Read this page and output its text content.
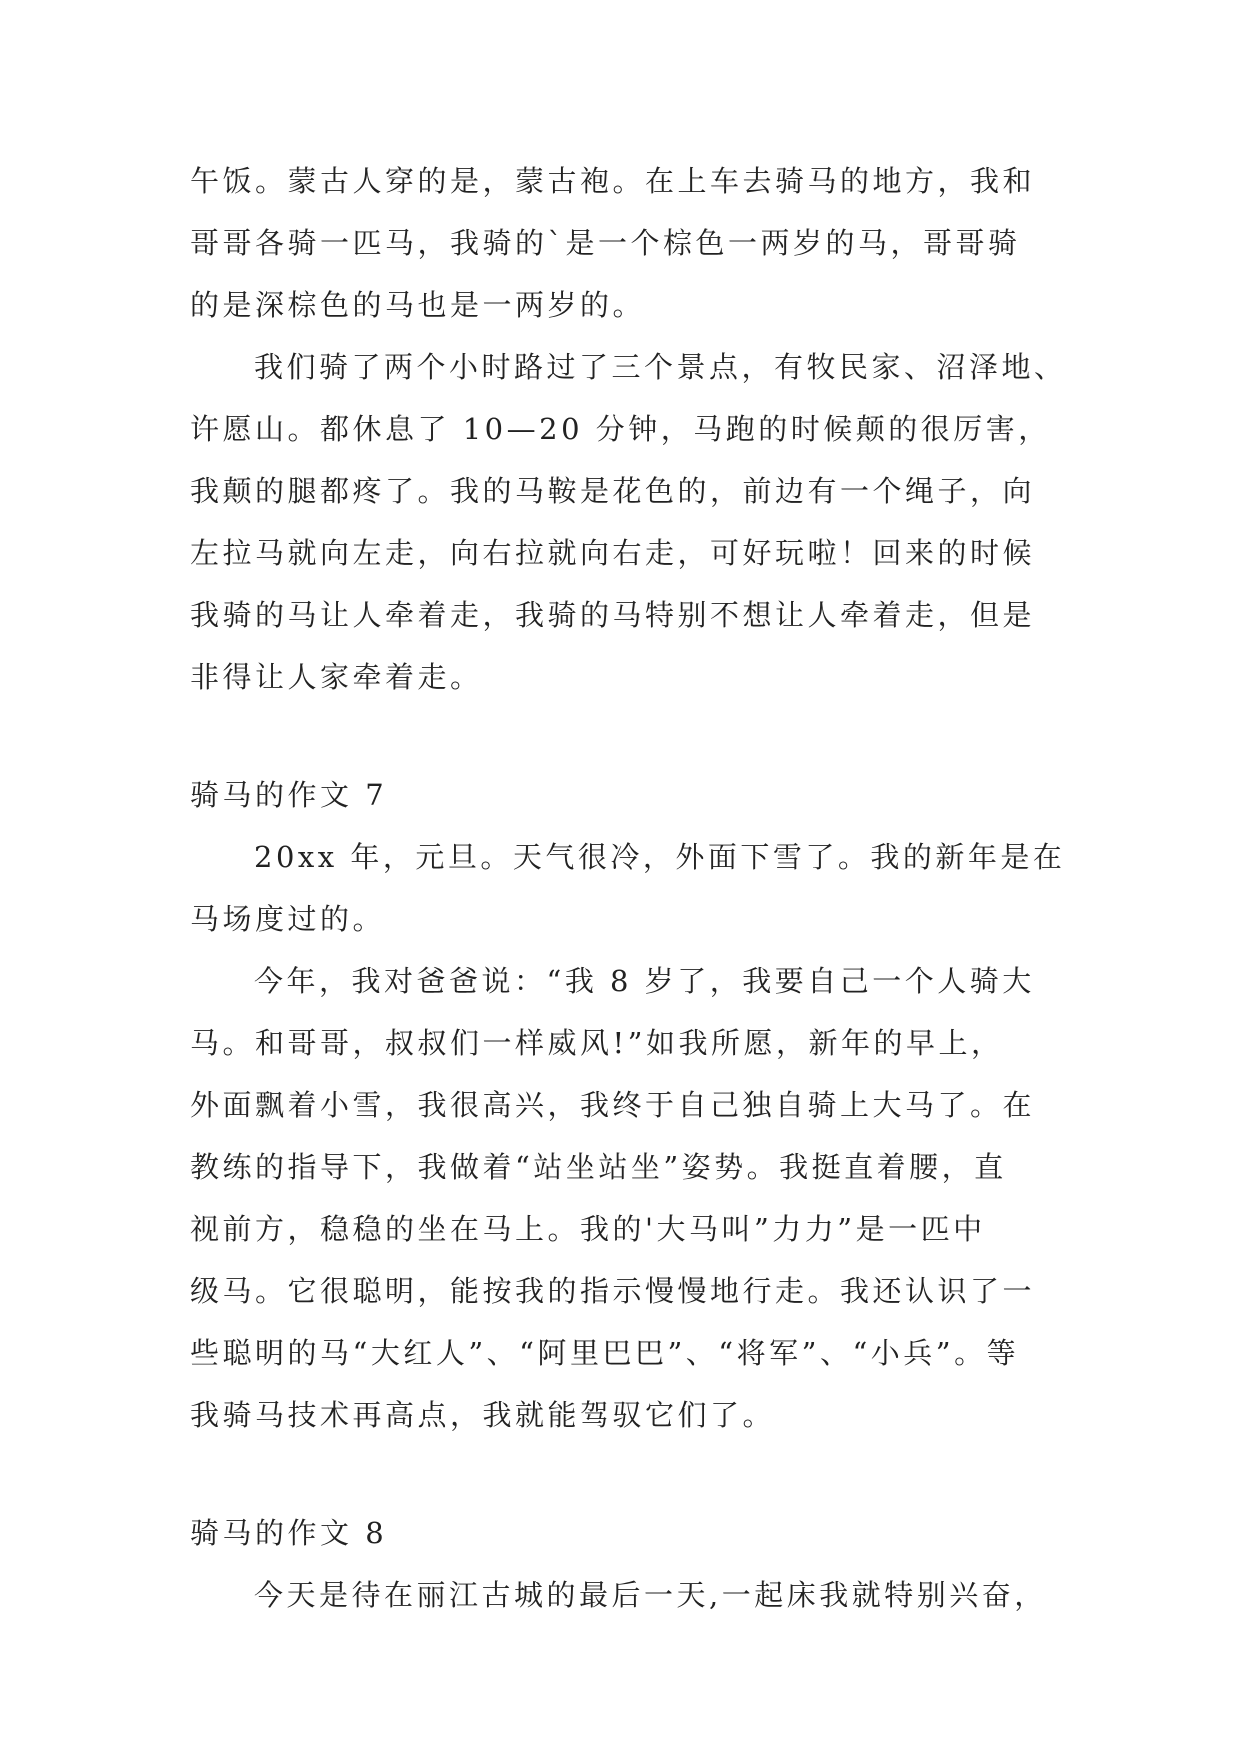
午饭。蒙古人穿的是，蒙古袍。在上车去骑马的地方，我和
哥哥各骑一匹马，我骑的`是一个棕色一两岁的马，哥哥骑
的是深棕色的马也是一两岁的。
我们骑了两个小时路过了三个景点，有牧民家、沼泽地、
许愿山。都休息了 10—20 分钟，马跑的时候颠的很厉害，
我颠的腿都疼了。我的马鞍是花色的，前边有一个绳子，向
左拉马就向左走，向右拉就向右走，可好玩啦！回来的时候
我骑的马让人牵着走，我骑的马特别不想让人牵着走，但是
非得让人家牵着走。
骑马的作文 7
20xx 年，元旦。天气很冷，外面下雪了。我的新年是在
马场度过的。
今年，我对爸爸说：“我 8 岁了，我要自己一个人骑大
马。和哥哥，叔叔们一样威风!”如我所愿，新年的早上，
外面飘着小雪，我很高兴，我终于自己独自骑上大马了。在
教练的指导下，我做着“站坐站坐”姿势。我挺直着腰，直
视前方，稳稳的坐在马上。我的'大马叫”力力”是一匹中
级马。它很聪明，能按我的指示慢慢地行走。我还认识了一
些聪明的马“大红人”、“阿里巴巴”、“将军”、“小兵”。等
我骑马技术再高点，我就能驾驭它们了。
骑马的作文 8
今天是待在丽江古城的最后一天,一起床我就特别兴奋，
